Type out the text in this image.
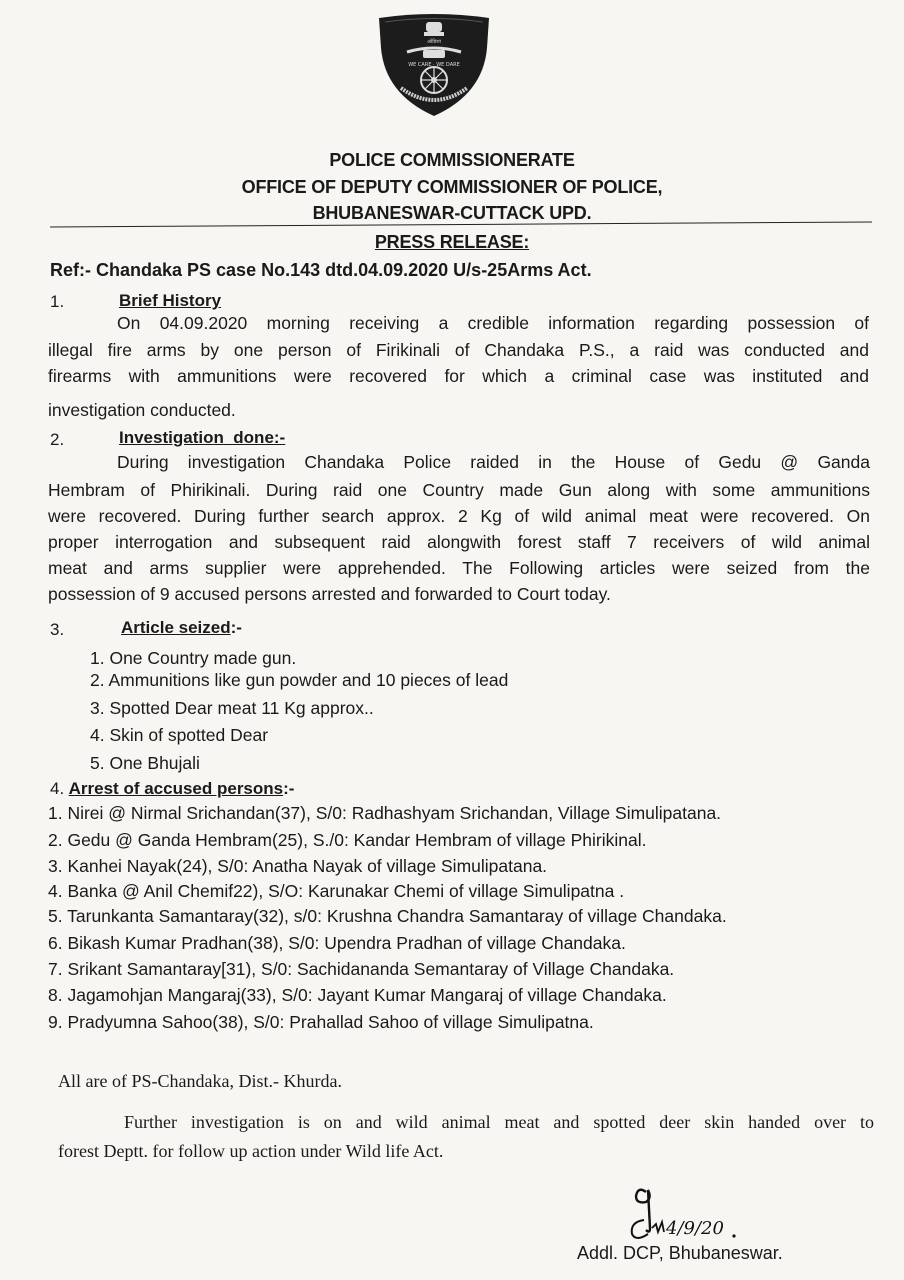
ओडिशा
WE CARE · WE DARE
POLICE COMMISSIONERATE
OFFICE OF DEPUTY COMMISSIONER OF POLICE,
BHUBANESWAR-CUTTACK UPD.
PRESS RELEASE:
Ref:- Chandaka PS case No.143 dtd.04.09.2020 U/s-25Arms Act.
1.	Brief History
On 04.09.2020 morning receiving a credible information regarding possession of
illegal fire arms by one person of Firikinali of Chandaka P.S., a raid was conducted and
firearms with ammunitions were recovered for which a criminal case was instituted and
investigation conducted.
2.	Investigation  done:-
During investigation Chandaka Police raided in the House of Gedu @ Ganda
Hembram of Phirikinali. During raid one Country made Gun along with some ammunitions
were recovered. During further search approx. 2 Kg of wild animal meat were recovered. On
proper interrogation and subsequent raid alongwith forest staff 7 receivers of wild animal
meat and arms supplier were apprehended. The Following articles were seized from the
possession of 9 accused persons arrested and forwarded to Court today.
3.	Article seized:-
1. One Country made gun.
2. Ammunitions like gun powder and 10 pieces of lead
3. Spotted Dear meat 11 Kg approx..
4. Skin of spotted Dear
5. One Bhujali
4. Arrest of accused persons:-
1. Nirei @ Nirmal Srichandan(37), S/0: Radhashyam Srichandan, Village Simulipatana.
2. Gedu @ Ganda Hembram(25), S./0: Kandar Hembram of village Phirikinal.
3. Kanhei Nayak(24), S/0: Anatha Nayak of village Simulipatana.
4. Banka @ Anil Chemif22), S/O: Karunakar Chemi of village Simulipatna .
5. Tarunkanta Samantaray(32), s/0: Krushna Chandra Samantaray of village Chandaka.
6. Bikash Kumar Pradhan(38), S/0: Upendra Pradhan of village Chandaka.
7. Srikant Samantaray[31), S/0: Sachidananda Semantaray of Village Chandaka.
8. Jagamohjan Mangaraj(33), S/0: Jayant Kumar Mangaraj of village Chandaka.
9. Pradyumna Sahoo(38), S/0: Prahallad Sahoo of village Simulipatna.
All are of PS-Chandaka, Dist.- Khurda.
Further investigation is on and wild animal meat and spotted deer skin handed over to
forest Deptt. for follow up action under Wild life Act.
4/9/20
Addl. DCP, Bhubaneswar.
